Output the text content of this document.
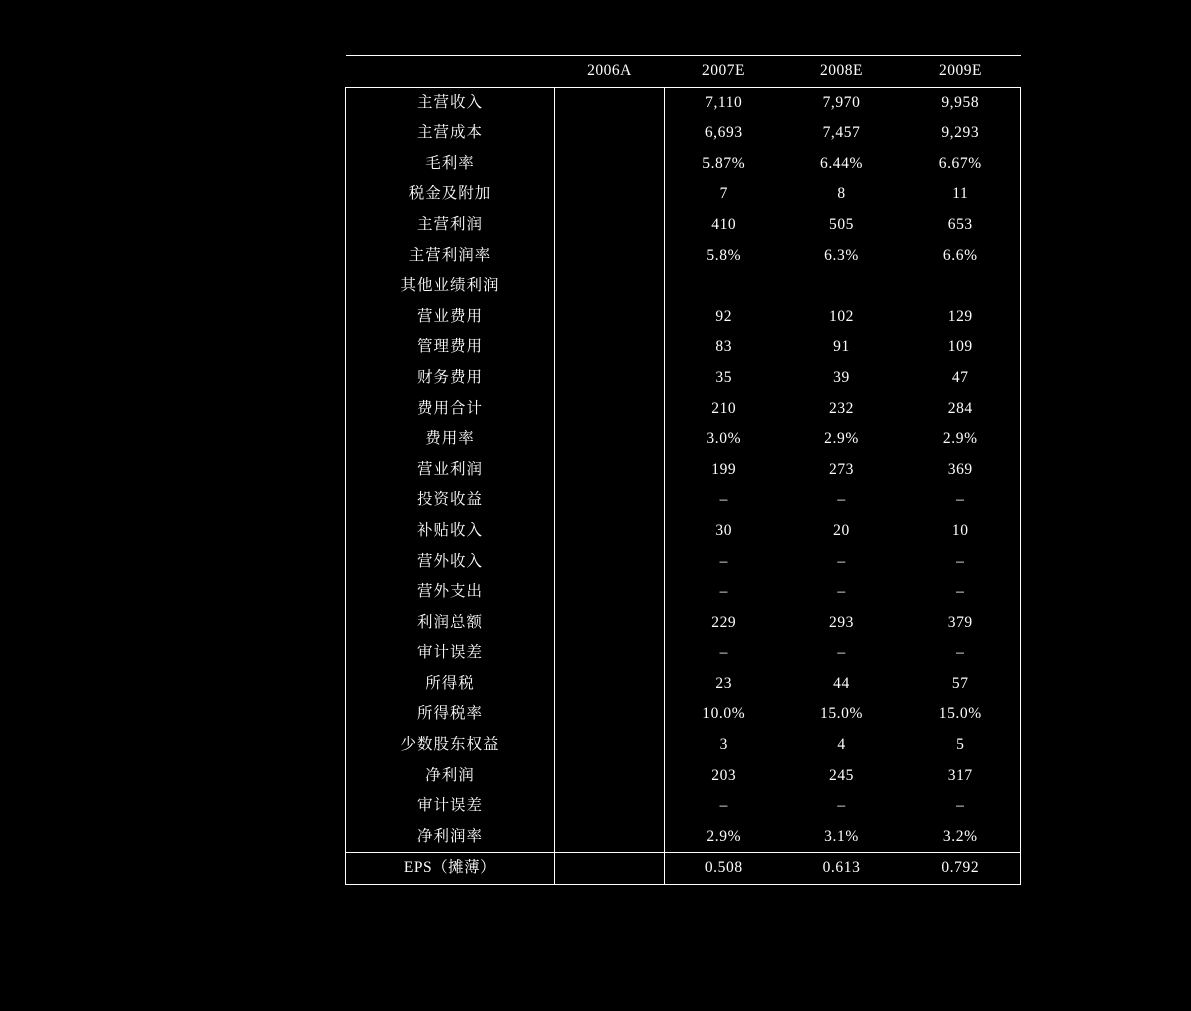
	2006A	2007E	2008E	2009E
主营收入		7,110	7,970	9,958
主营成本		6,693	7,457	9,293
毛利率		5.87%	6.44%	6.67%
税金及附加		7	8	11
主营利润		410	505	653
主营利润率		5.8%	6.3%	6.6%
其他业绩利润				
营业费用		92	102	129
管理费用		83	91	109
财务费用		35	39	47
费用合计		210	232	284
费用率		3.0%	2.9%	2.9%
营业利润		199	273	369
投资收益		–	–	–
补贴收入		30	20	10
营外收入		–	–	–
营外支出		–	–	–
利润总额		229	293	379
审计误差		–	–	–
所得税		23	44	57
所得税率		10.0%	15.0%	15.0%
少数股东权益		3	4	5
净利润		203	245	317
审计误差		–	–	–
净利润率		2.9%	3.1%	3.2%
EPS（摊薄）		0.508	0.613	0.792
